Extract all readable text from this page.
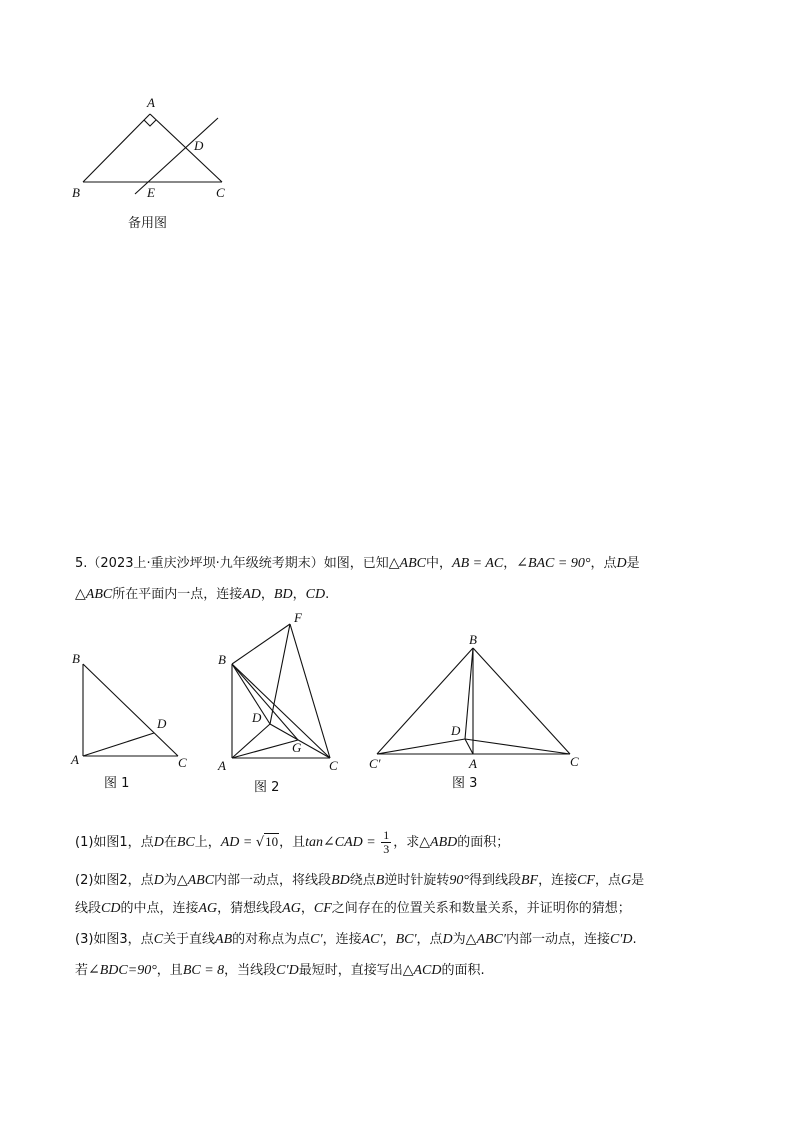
A
B	C
D
E
备用图
5.（2023上·重庆沙坪坝·九年级统考期末）如图，已知△ABC中，AB = AC，∠BAC = 90°，点D是
△ABC所在平面内一点，连接AD，BD，CD.
B
A	C
D
图 1
F
B
D
G
A	C
图 2
B
D
C′	A	C
图 3
(1)如图1，点D在BC上，AD = √10，且tan∠CAD = $\frac{1}{3}$ ，求△ABD的面积；
(2)如图2，点D为△ABC内部一动点，将线段BD绕点B逆时针旋转90°得到线段BF，连接CF，点G是
线段CD的中点，连接AG，猜想线段AG，CF之间存在的位置关系和数量关系，并证明你的猜想；
(3)如图3，点C关于直线AB的对称点为点C′，连接AC′，BC′，点D为△ABC′内部一动点，连接C′D.
若∠BDC=90°，且BC = 8，当线段C′D最短时，直接写出△ACD的面积.
